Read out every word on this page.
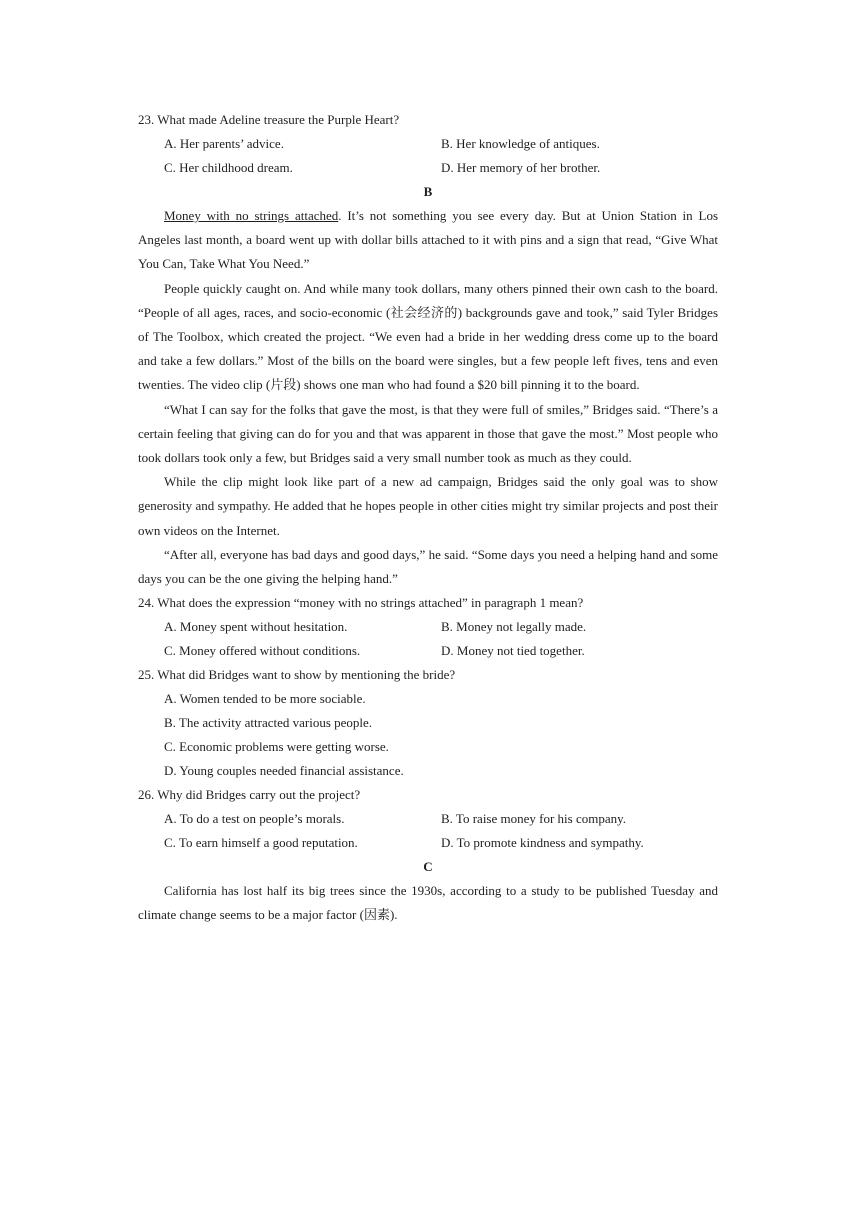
23. What made Adeline treasure the Purple Heart?

A. Her parents’ advice.	B. Her knowledge of antiques.
C. Her childhood dream.	D. Her memory of her brother.

B

Money with no strings attached. It’s not something you see every day. But at Union Station in Los Angeles last month, a board went up with dollar bills attached to it with pins and a sign that read, “Give What You Can, Take What You Need.”

People quickly caught on. And while many took dollars, many others pinned their own cash to the board. “People of all ages, races, and socio-economic (社会经济的) backgrounds gave and took,” said Tyler Bridges of The Toolbox, which created the project. “We even had a bride in her wedding dress come up to the board and take a few dollars.” Most of the bills on the board were singles, but a few people left fives, tens and even twenties. The video clip (片段) shows one man who had found a $20 bill pinning it to the board.

“What I can say for the folks that gave the most, is that they were full of smiles,” Bridges said. “There’s a certain feeling that giving can do for you and that was apparent in those that gave the most.” Most people who took dollars took only a few, but Bridges said a very small number took as much as they could.

While the clip might look like part of a new ad campaign, Bridges said the only goal was to show generosity and sympathy. He added that he hopes people in other cities might try similar projects and post their own videos on the Internet.

“After all, everyone has bad days and good days,” he said. “Some days you need a helping hand and some days you can be the one giving the helping hand.”

24. What does the expression “money with no strings attached” in paragraph 1 mean?

A. Money spent without hesitation.	B. Money not legally made.
C. Money offered without conditions.	D. Money not tied together.

25. What did Bridges want to show by mentioning the bride?

A. Women tended to be more sociable.
B. The activity attracted various people.
C. Economic problems were getting worse.
D. Young couples needed financial assistance.

26. Why did Bridges carry out the project?

A. To do a test on people’s morals.	B. To raise money for his company.
C. To earn himself a good reputation.	D. To promote kindness and sympathy.

C

California has lost half its big trees since the 1930s, according to a study to be published Tuesday and climate change seems to be a major factor (因素).
